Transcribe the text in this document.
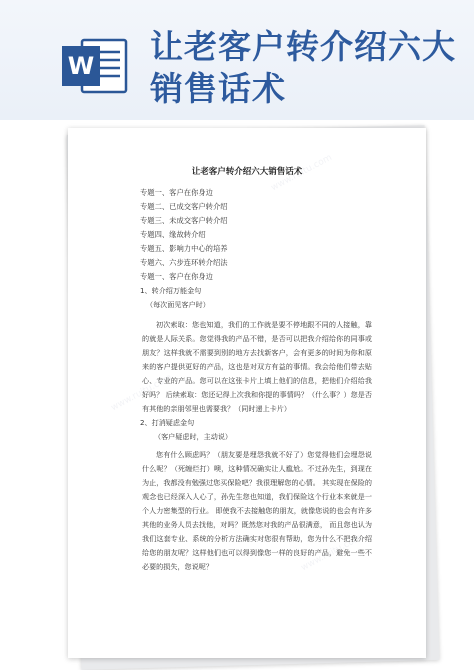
W 让老客户转介绍六大销售话术
www.ruitu.com
www.ruitu.com
www.ruitu.com
让老客户转介绍六大销售话术
专题一、客户在你身边
专题二、已成交客户转介绍
专题三、未成交客户转介绍
专题四、缘故转介绍
专题五、影响力中心的培养
专题六、六步连环转介绍法
专题一、客户在你身边
1、转介绍万能金句
（每次面见客户时）
初次索取：您也知道，我们的工作就是要不停地跟不同的人接触，靠的就是人际关系。您觉得我的产品不错，是否可以把我介绍给你的同事或朋友？这样我就不需要到别的地方去找新客户，会有更多的时间为你和原来的客户提供更好的产品，这也是对双方有益的事情。我会给他们带去贴心、专业的产品。您可以在这张卡片上填上他们的信息，把他们介绍给我好吗？ 后续索取：您还记得上次我和你提的事情吗？（什么事？）您是否有其他的亲朋邻里也需要我？（同时递上卡片）
2、打消疑虑金句
（客户疑虑时，主动说）
您有什么顾虑吗？（朋友要是埋怨我就不好了）您觉得他们会埋怨说什么呢？（死缠烂打）噢，这种情况确实让人尴尬。不过孙先生，到现在为止，我都没有勉强过您买保险吧？我很理解您的心情。 其实现在保险的观念也已经深入人心了，孙先生您也知道，我们保险这个行业本来就是一个人力密集型的行业。 即使我不去接触您的朋友，就像您说的也会有许多其他的业务人员去找他，对吗？既然您对我的产品很满意， 而且您也认为我们这套专业、系统的分析方法确实对您很有帮助，您为什么不把我介绍给您的朋友呢？这样他们也可以得到像您一样的良好的产品，避免一些不必要的损失，您说呢？
